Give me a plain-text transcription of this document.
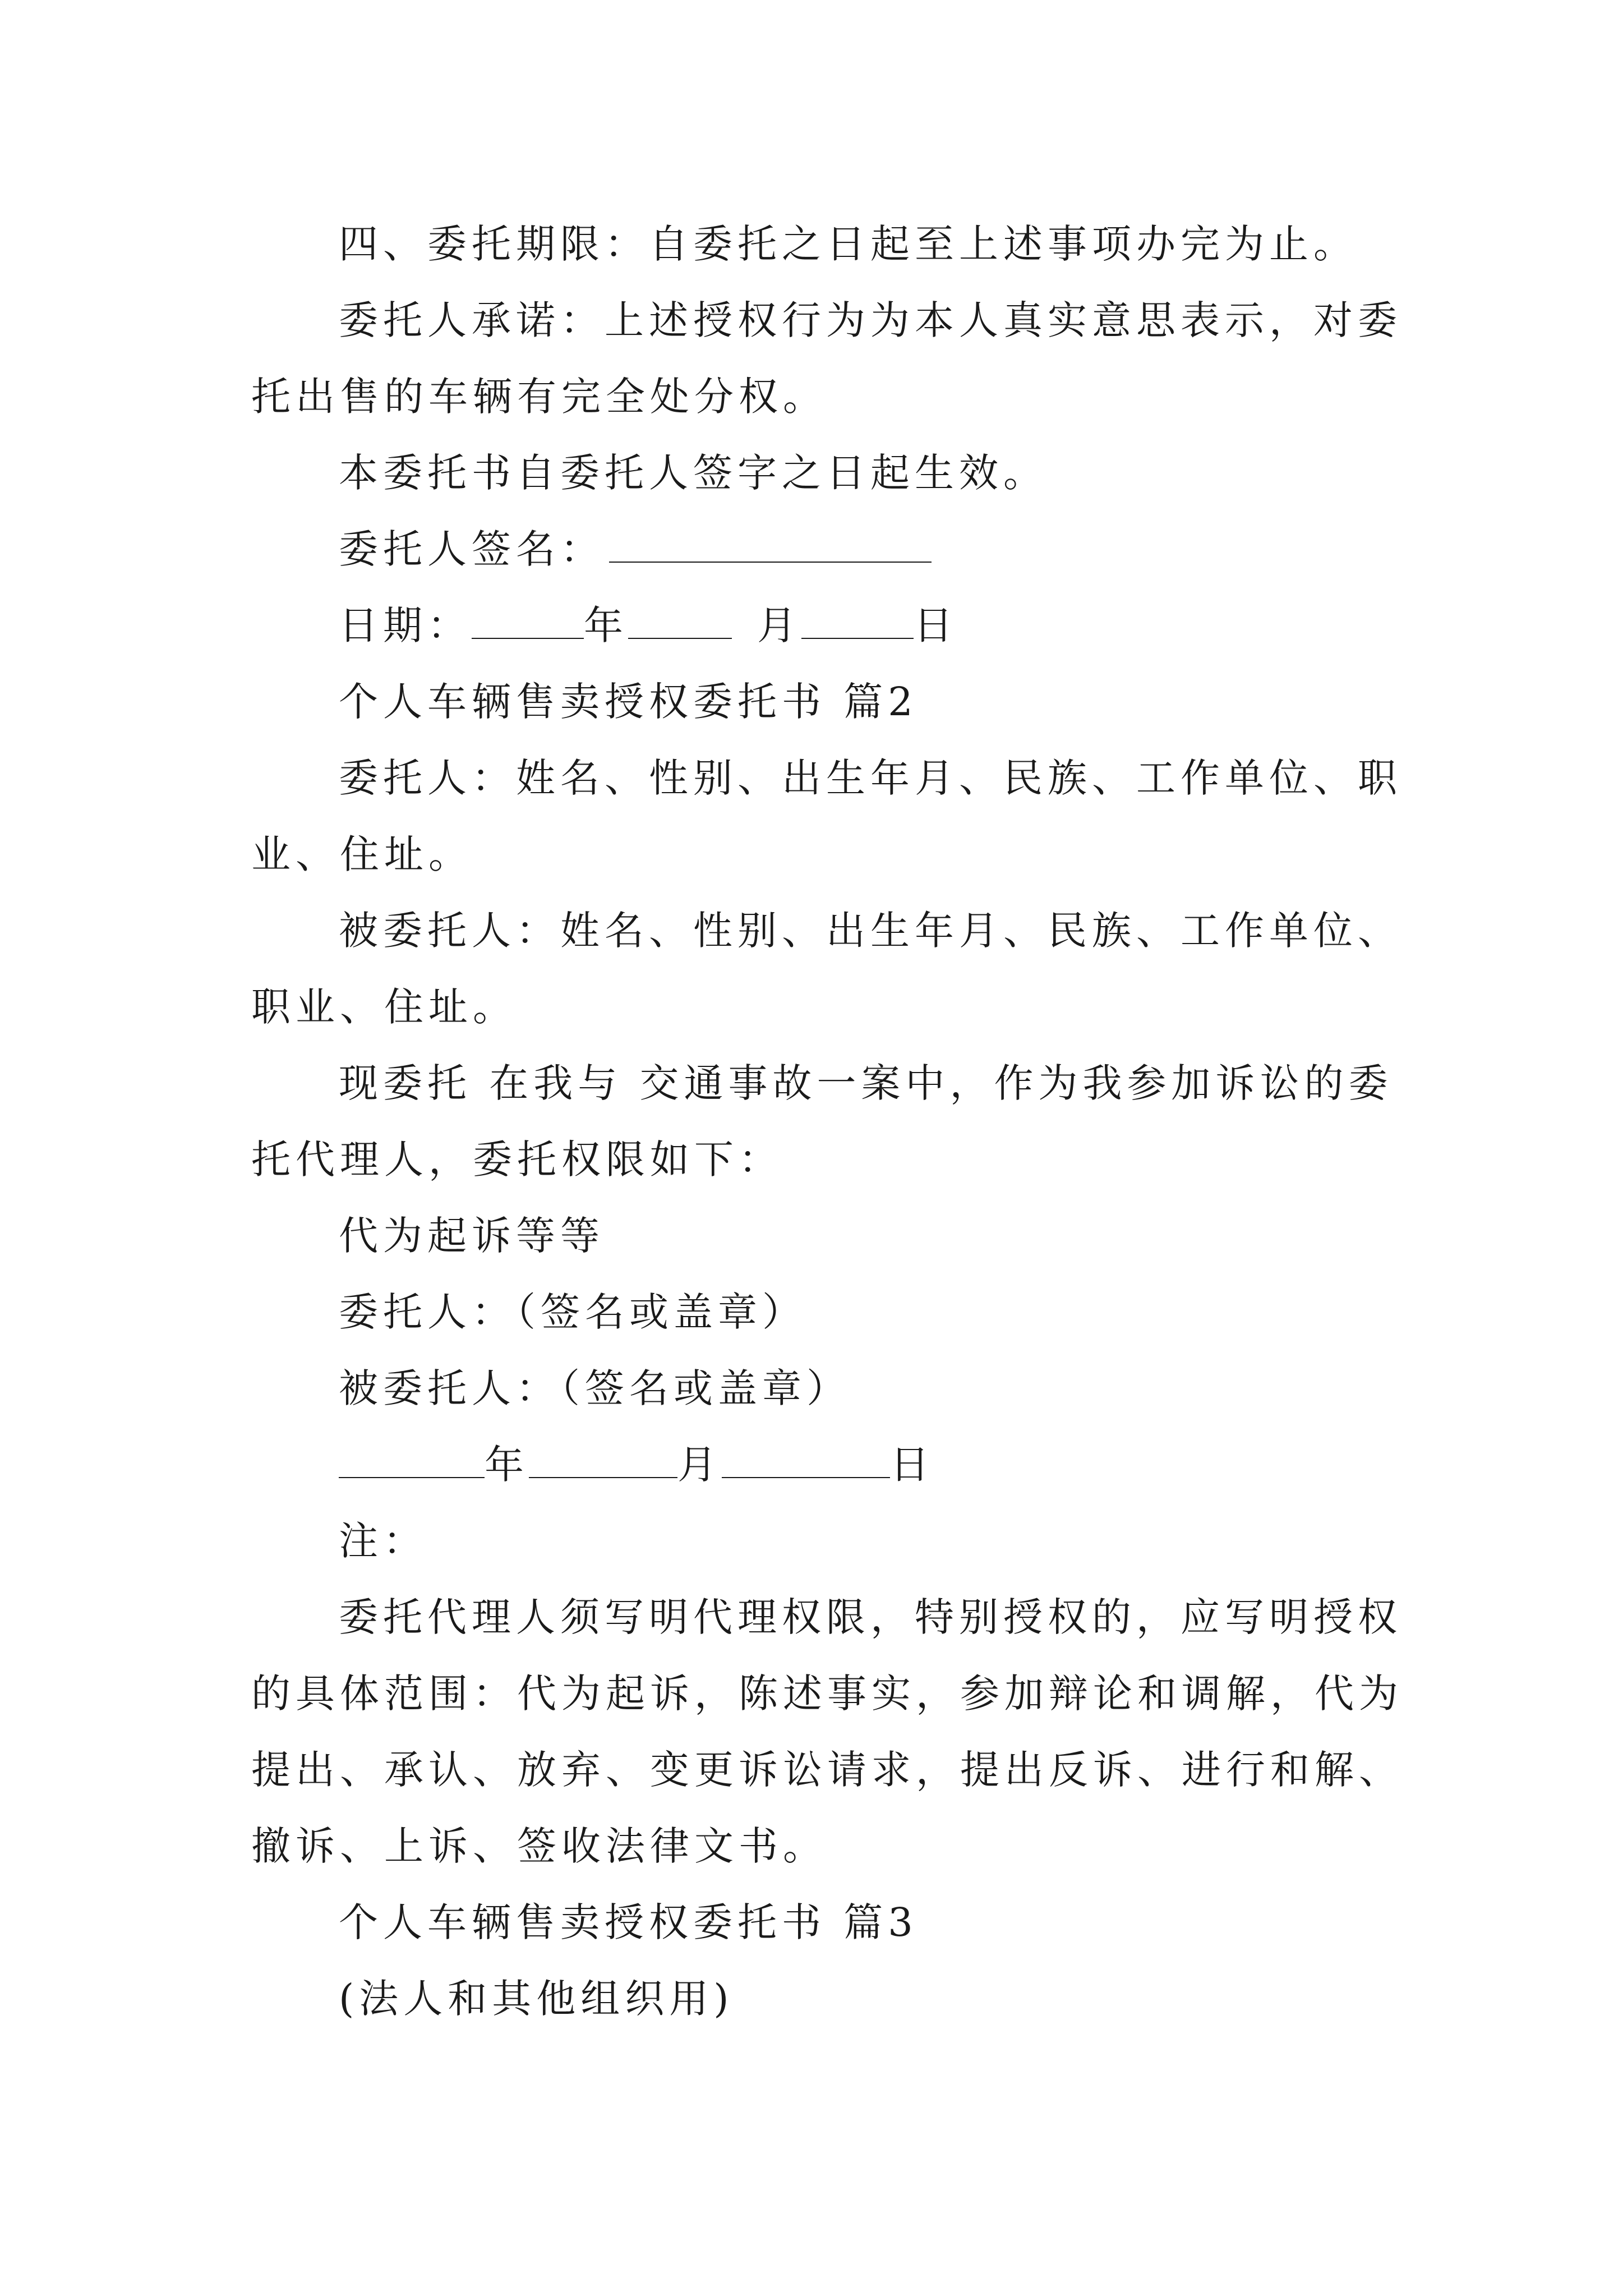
四、委托期限：自委托之日起至上述事项办完为止。
委托人承诺：上述授权行为为本人真实意思表示，对委
托出售的车辆有完全处分权。
本委托书自委托人签字之日起生效。
委托人签名：
日期：	年	月	日
个人车辆售卖授权委托书 篇2
委托人：姓名、性别、出生年月、民族、工作单位、职
业、住址。
被委托人：姓名、性别、出生年月、民族、工作单位、
职业、住址。
现委托 在我与 交通事故一案中，作为我参加诉讼的委
托代理人，委托权限如下：
代为起诉等等
委托人：（签名或盖章）
被委托人：（签名或盖章）
年	月	日
注：
委托代理人须写明代理权限，特别授权的，应写明授权
的具体范围：代为起诉，陈述事实，参加辩论和调解，代为
提出、承认、放弃、变更诉讼请求，提出反诉、进行和解、
撤诉、上诉、签收法律文书。
个人车辆售卖授权委托书 篇3
(法人和其他组织用)
